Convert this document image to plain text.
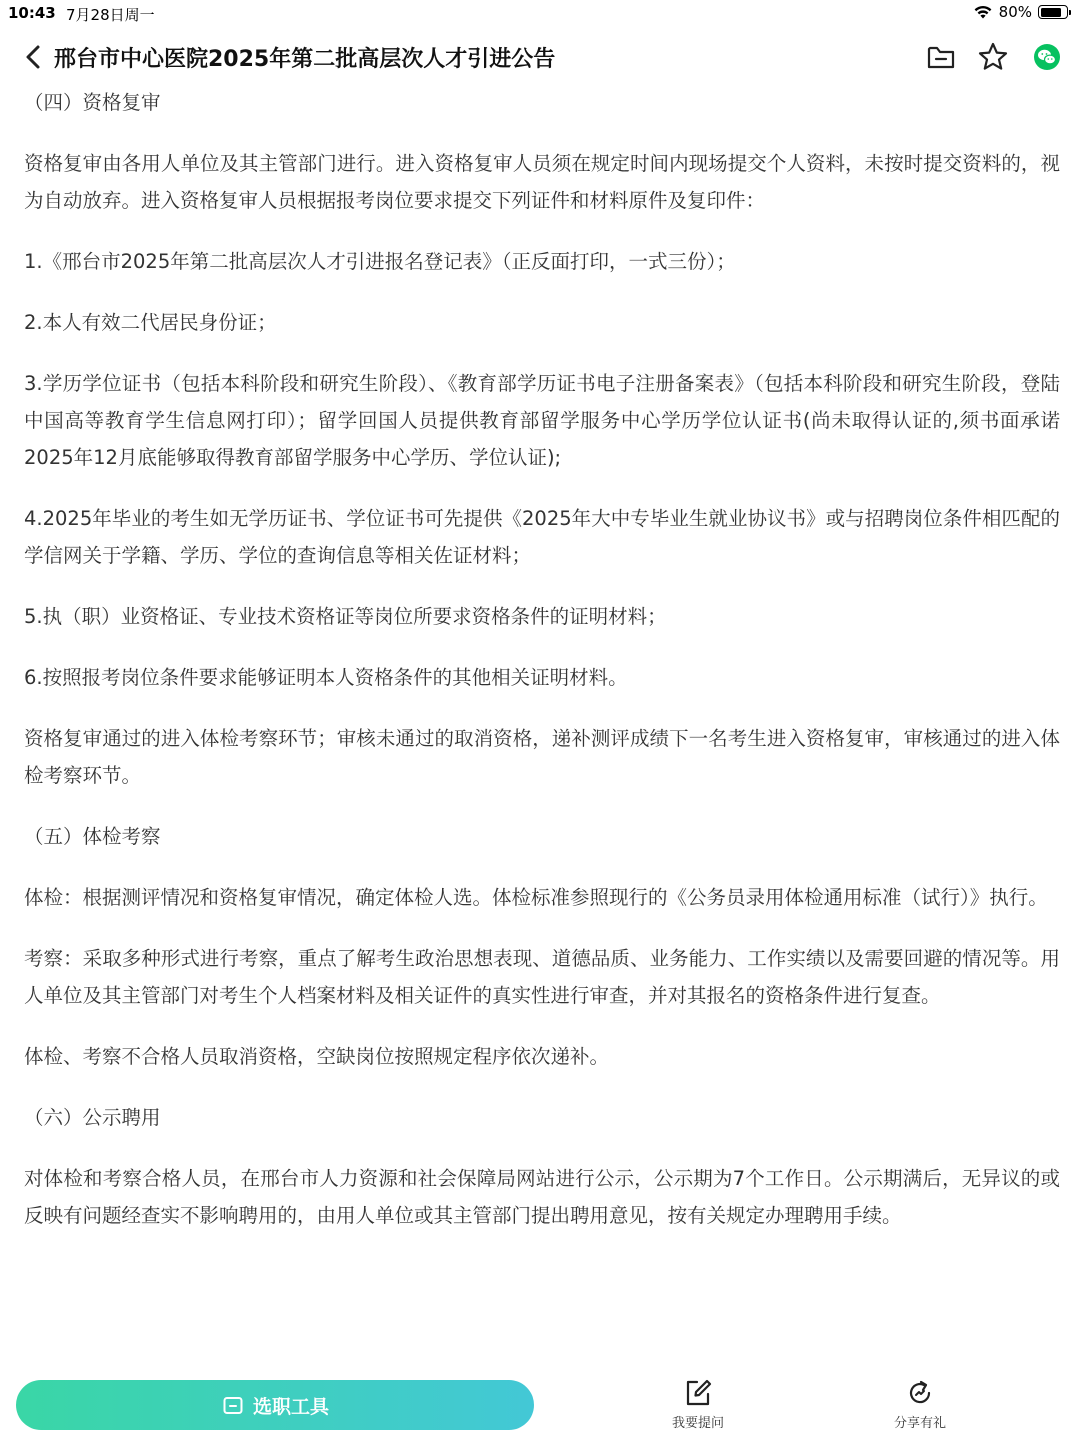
10:43 7月28日周一	80%
邢台市中心医院2025年第二批高层次人才引进公告

（四）资格复审

资格复审由各用人单位及其主管部门进行。进入资格复审人员须在规定时间内现场提交个人资料，未按时提交资料的，视为自动放弃。进入资格复审人员根据报考岗位要求提交下列证件和材料原件及复印件：

1.《邢台市2025年第二批高层次人才引进报名登记表》（正反面打印，一式三份）；

2.本人有效二代居民身份证；

3.学历学位证书（包括本科阶段和研究生阶段）、《教育部学历证书电子注册备案表》（包括本科阶段和研究生阶段，登陆中国高等教育学生信息网打印）；留学回国人员提供教育部留学服务中心学历学位认证书(尚未取得认证的,须书面承诺2025年12月底能够取得教育部留学服务中心学历、学位认证);

4.2025年毕业的考生如无学历证书、学位证书可先提供《2025年大中专毕业生就业协议书》或与招聘岗位条件相匹配的学信网关于学籍、学历、学位的查询信息等相关佐证材料；

5.执（职）业资格证、专业技术资格证等岗位所要求资格条件的证明材料；

6.按照报考岗位条件要求能够证明本人资格条件的其他相关证明材料。

资格复审通过的进入体检考察环节；审核未通过的取消资格，递补测评成绩下一名考生进入资格复审，审核通过的进入体检考察环节。

（五）体检考察

体检：根据测评情况和资格复审情况，确定体检人选。体检标准参照现行的《公务员录用体检通用标准（试行）》执行。

考察：采取多种形式进行考察，重点了解考生政治思想表现、道德品质、业务能力、工作实绩以及需要回避的情况等。用人单位及其主管部门对考生个人档案材料及相关证件的真实性进行审查，并对其报名的资格条件进行复查。

体检、考察不合格人员取消资格，空缺岗位按照规定程序依次递补。

（六）公示聘用

对体检和考察合格人员，在邢台市人力资源和社会保障局网站进行公示，公示期为7个工作日。公示期满后，无异议的或反映有问题经查实不影响聘用的，由用人单位或其主管部门提出聘用意见，按有关规定办理聘用手续。

选职工具
我要提问	分享有礼
